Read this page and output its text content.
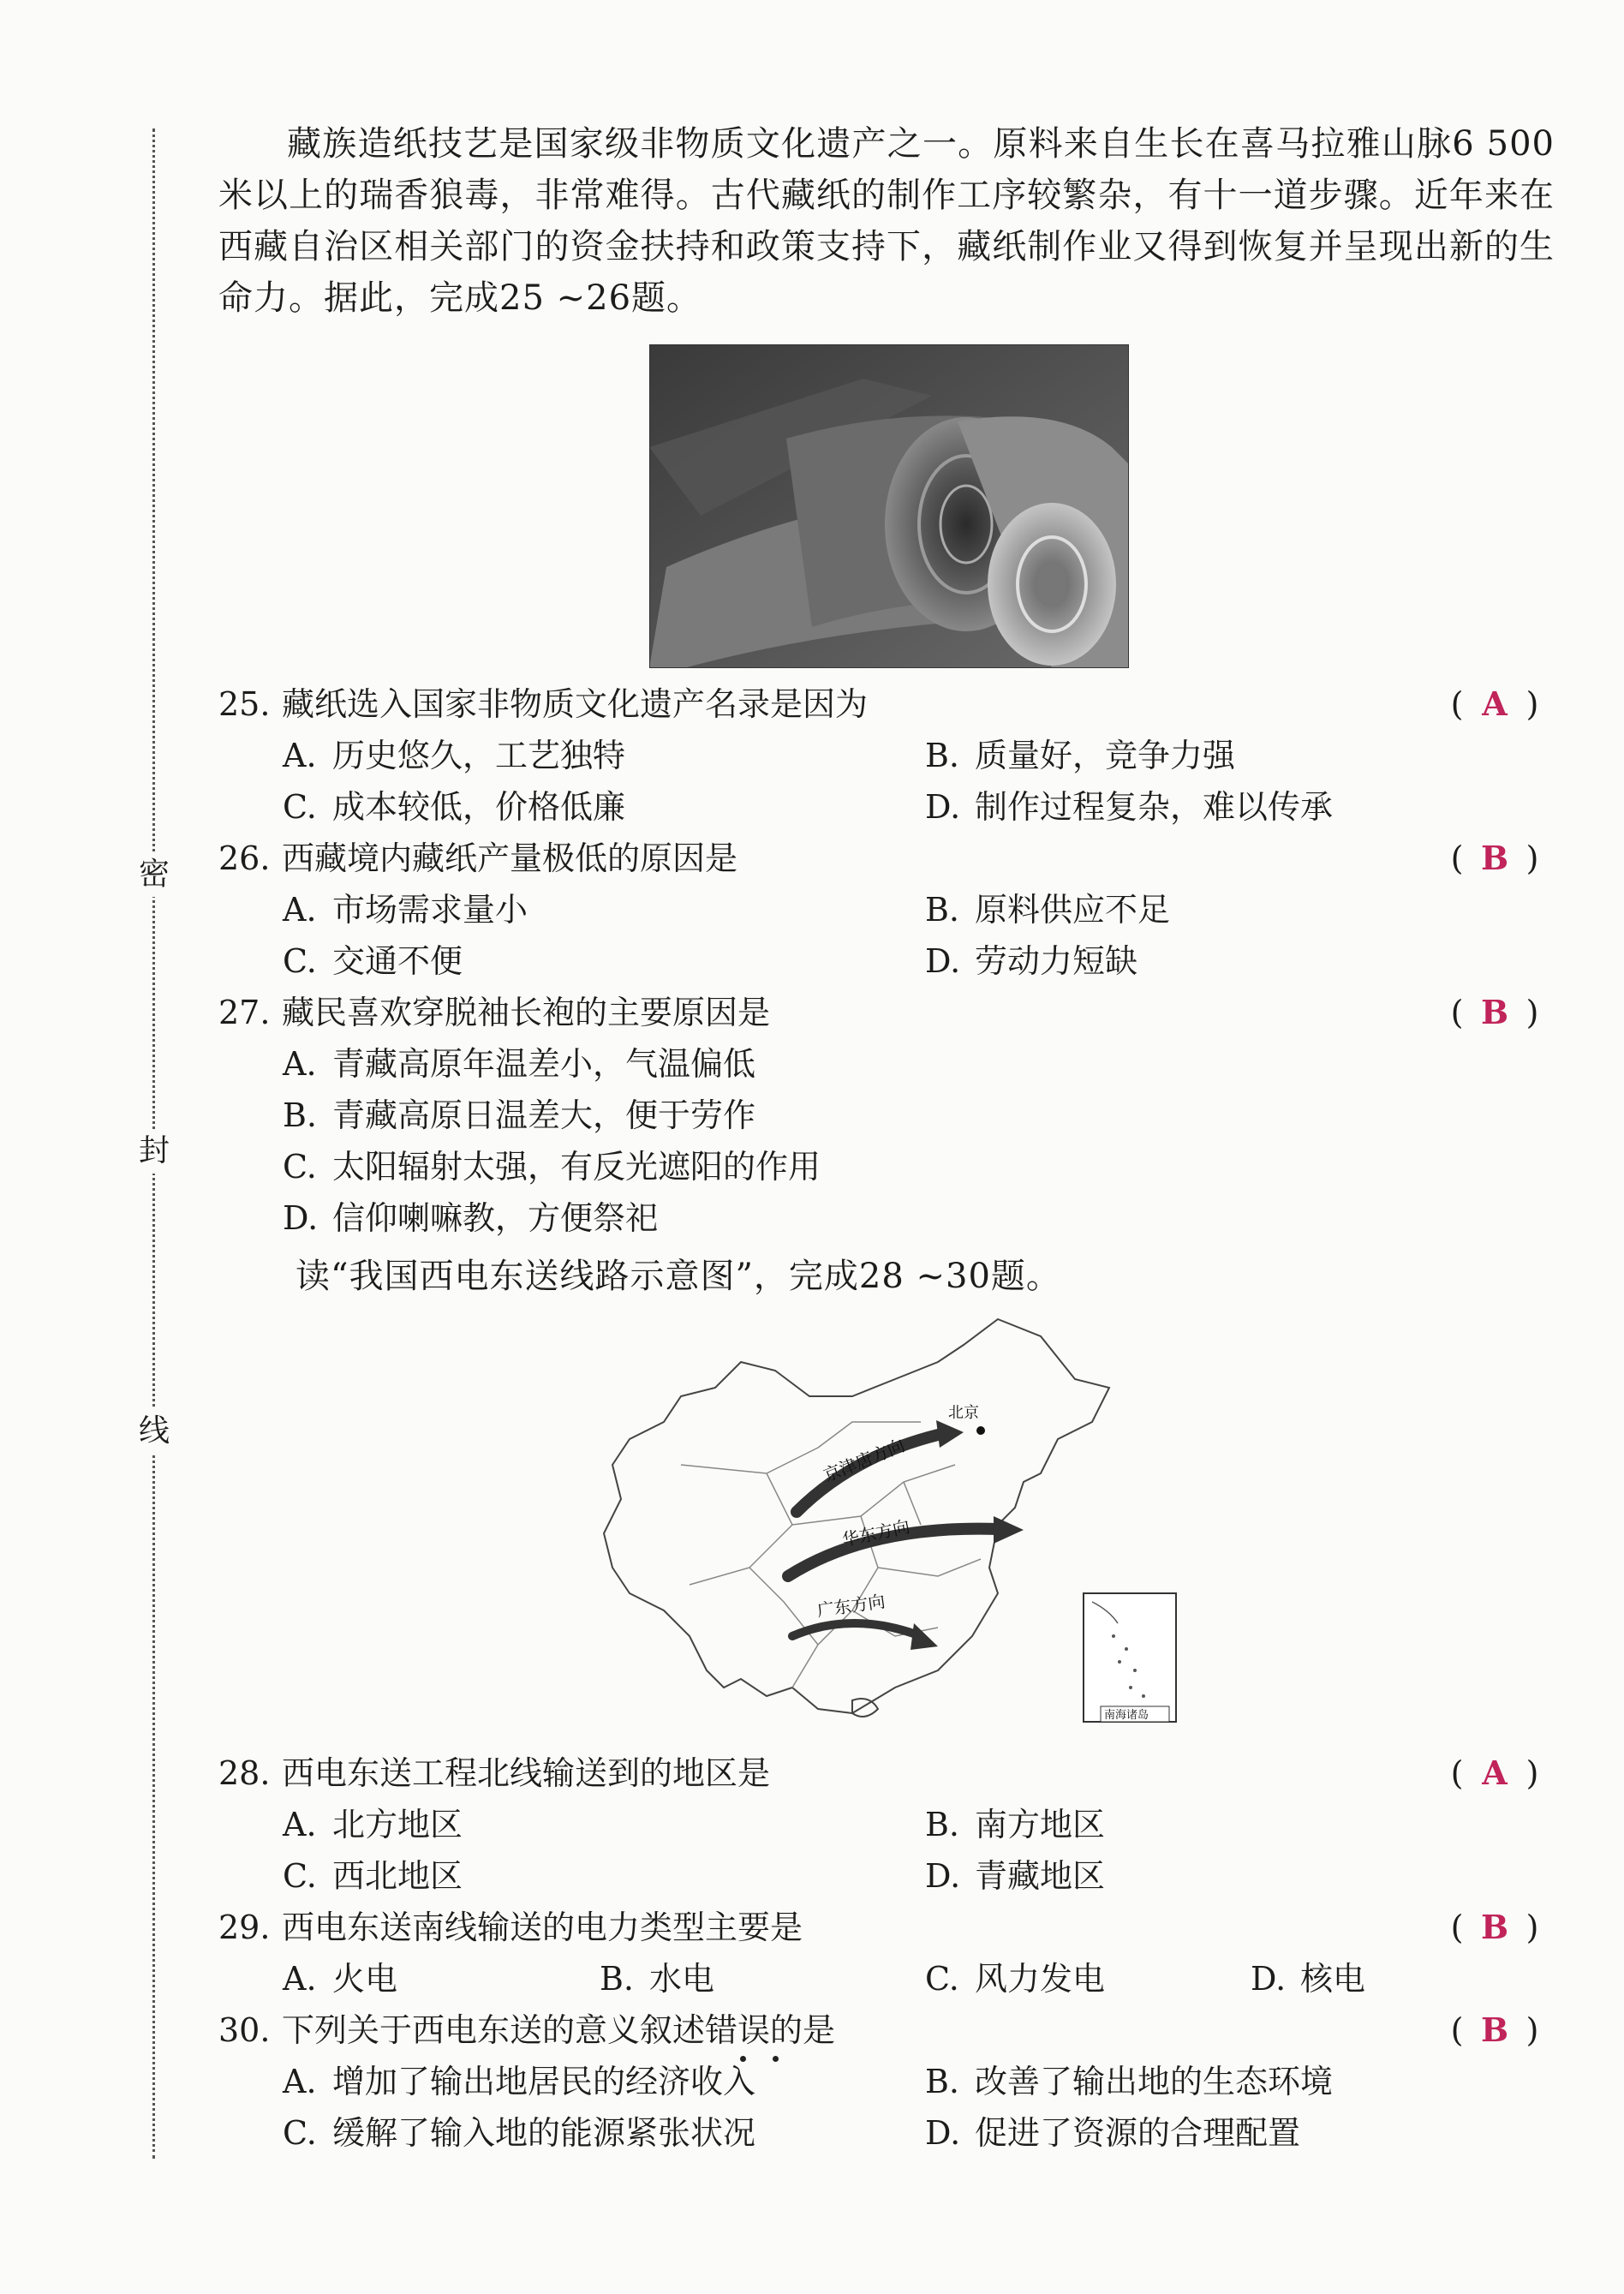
密
封
线
藏族造纸技艺是国家级非物质文化遗产之一。原料来自生长在喜马拉雅山脉6 500米以上的瑞香狼毒，非常难得。古代藏纸的制作工序较繁杂，有十一道步骤。近年来在西藏自治区相关部门的资金扶持和政策支持下，藏纸制作业又得到恢复并呈现出新的生命力。据此，完成25 ~26题。
25. 藏纸选入国家非物质文化遗产名录是因为	( A )
A. 历史悠久，工艺独特	B. 质量好，竞争力强
C. 成本较低，价格低廉	D. 制作过程复杂，难以传承
26. 西藏境内藏纸产量极低的原因是	( B )
A. 市场需求量小	B. 原料供应不足
C. 交通不便	D. 劳动力短缺
27. 藏民喜欢穿脱袖长袍的主要原因是	( B )
A. 青藏高原年温差小，气温偏低
B. 青藏高原日温差大，便于劳作
C. 太阳辐射太强，有反光遮阳的作用
D. 信仰喇嘛教，方便祭祀
读“我国西电东送线路示意图”，完成28 ~30题。
北京
京津唐方向
华东方向
广东方向
南海诸岛
28. 西电东送工程北线输送到的地区是	( A )
A. 北方地区	B. 南方地区
C. 西北地区	D. 青藏地区
29. 西电东送南线输送的电力类型主要是	( B )
A. 火电	B. 水电	C. 风力发电	D. 核电
30. 下列关于西电东送的意义叙述错误的是	( B )
A. 增加了输出地居民的经济收入	B. 改善了输出地的生态环境
C. 缓解了输入地的能源紧张状况	D. 促进了资源的合理配置
